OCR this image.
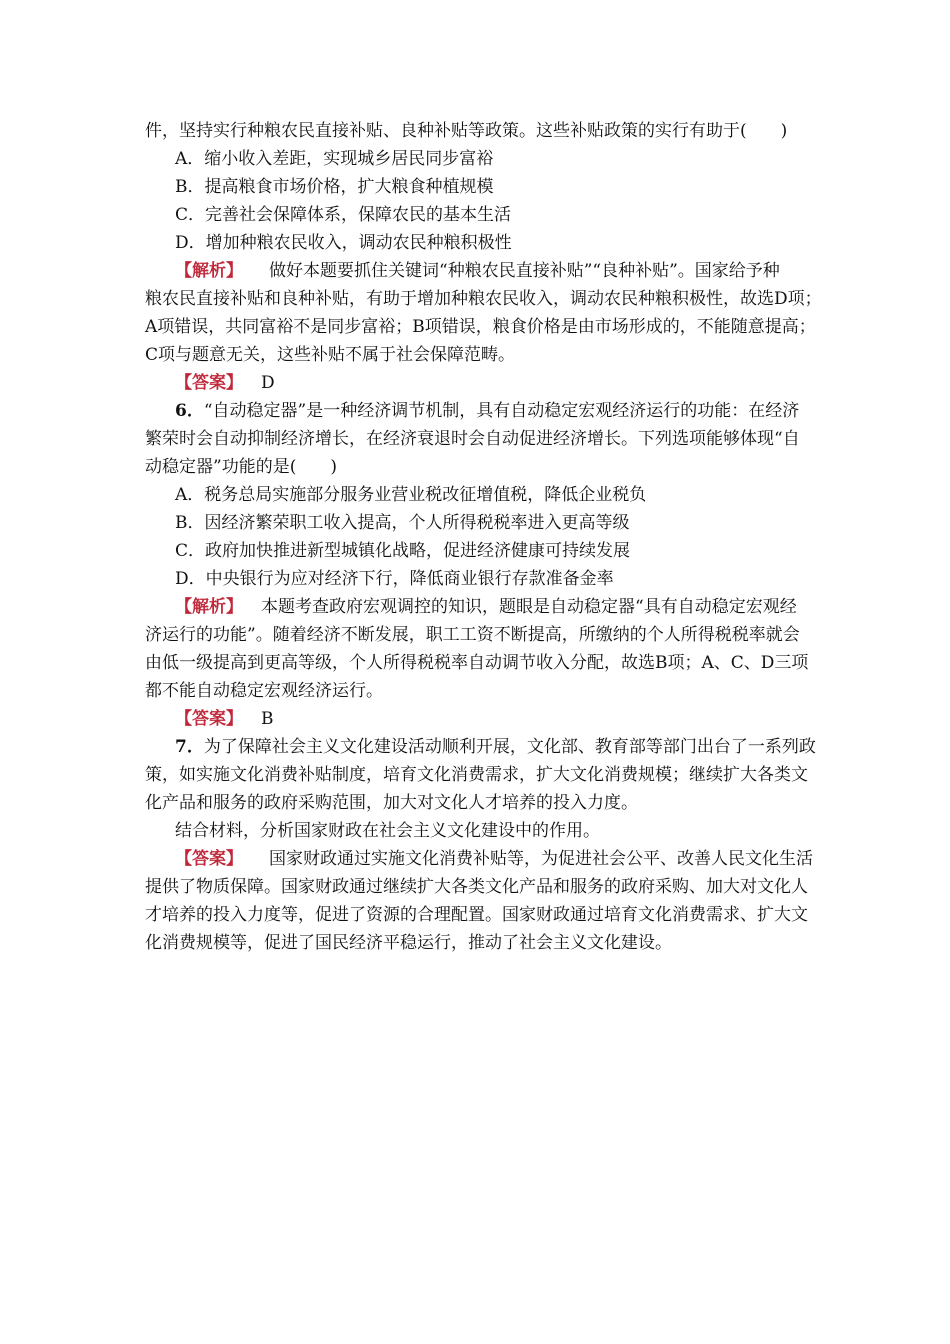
件，坚持实行种粮农民直接补贴、良种补贴等政策。这些补贴政策的实行有助于(　　)
A．缩小收入差距，实现城乡居民同步富裕
B．提高粮食市场价格，扩大粮食种植规模
C．完善社会保障体系，保障农民的基本生活
D．增加种粮农民收入，调动农民种粮积极性
【解析】 做好本题要抓住关键词“种粮农民直接补贴”“良种补贴”。国家给予种
粮农民直接补贴和良种补贴，有助于增加种粮农民收入，调动农民种粮积极性，故选D项；
A项错误，共同富裕不是同步富裕；B项错误，粮食价格是由市场形成的，不能随意提高；
C项与题意无关，这些补贴不属于社会保障范畴。
【答案】 D
6．“自动稳定器”是一种经济调节机制，具有自动稳定宏观经济运行的功能：在经济
繁荣时会自动抑制经济增长，在经济衰退时会自动促进经济增长。下列选项能够体现“自
动稳定器”功能的是(　　)
A．税务总局实施部分服务业营业税改征增值税，降低企业税负
B．因经济繁荣职工收入提高，个人所得税税率进入更高等级
C．政府加快推进新型城镇化战略，促进经济健康可持续发展
D．中央银行为应对经济下行，降低商业银行存款准备金率
【解析】 本题考查政府宏观调控的知识，题眼是自动稳定器“具有自动稳定宏观经
济运行的功能”。随着经济不断发展，职工工资不断提高，所缴纳的个人所得税税率就会
由低一级提高到更高等级，个人所得税税率自动调节收入分配，故选B项；A、C、D三项
都不能自动稳定宏观经济运行。
【答案】 B
7．为了保障社会主义文化建设活动顺利开展，文化部、教育部等部门出台了一系列政
策，如实施文化消费补贴制度，培育文化消费需求，扩大文化消费规模；继续扩大各类文
化产品和服务的政府采购范围，加大对文化人才培养的投入力度。
结合材料，分析国家财政在社会主义文化建设中的作用。
【答案】 国家财政通过实施文化消费补贴等，为促进社会公平、改善人民文化生活
提供了物质保障。国家财政通过继续扩大各类文化产品和服务的政府采购、加大对文化人
才培养的投入力度等，促进了资源的合理配置。国家财政通过培育文化消费需求、扩大文
化消费规模等，促进了国民经济平稳运行，推动了社会主义文化建设。
